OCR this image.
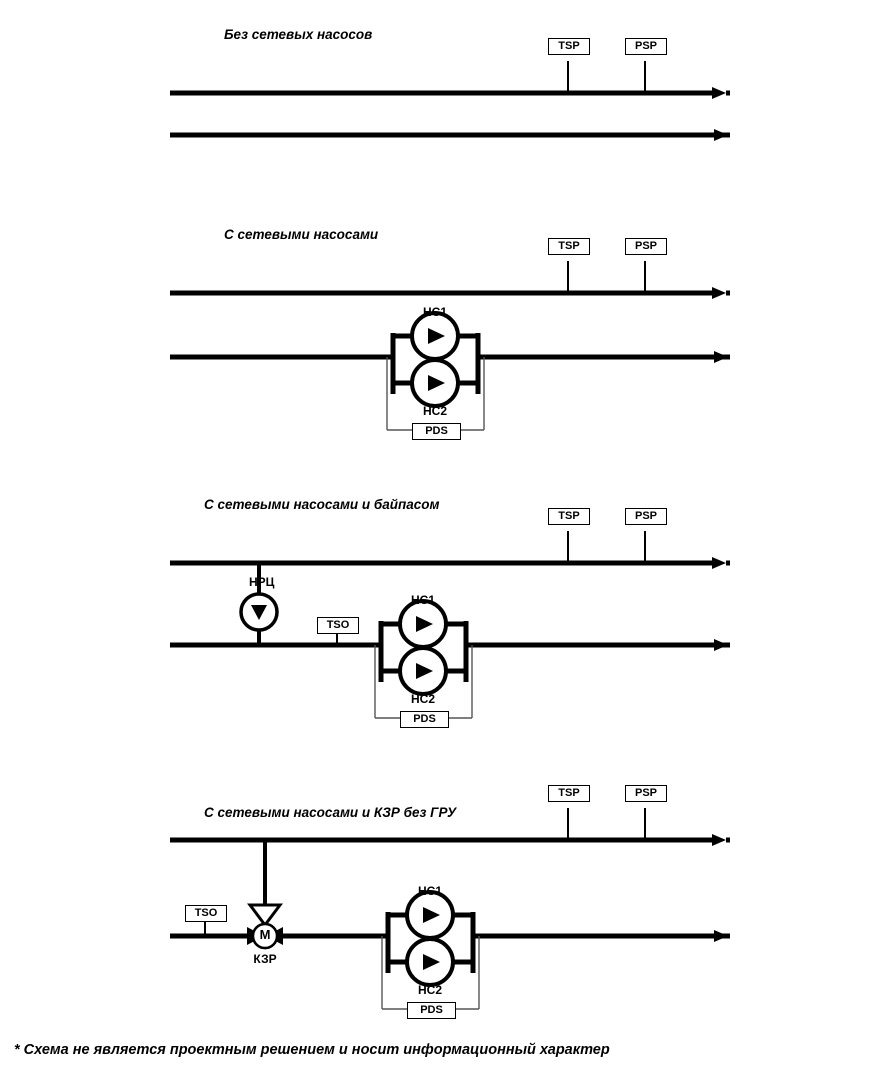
Без сетевых насосов
TSP	PSP
С сетевыми насосами
TSP	PSP
НС1
НС2
PDS
С сетевыми насосами и байпасом
TSP	PSP
НРЦ
TSO
НС1
НС2
PDS
С сетевыми насосами и КЗР без ГРУ
TSP	PSP
TSO
КЗР
M
НС1
НС2
PDS
* Схема не является проектным решением и носит информационный характер
